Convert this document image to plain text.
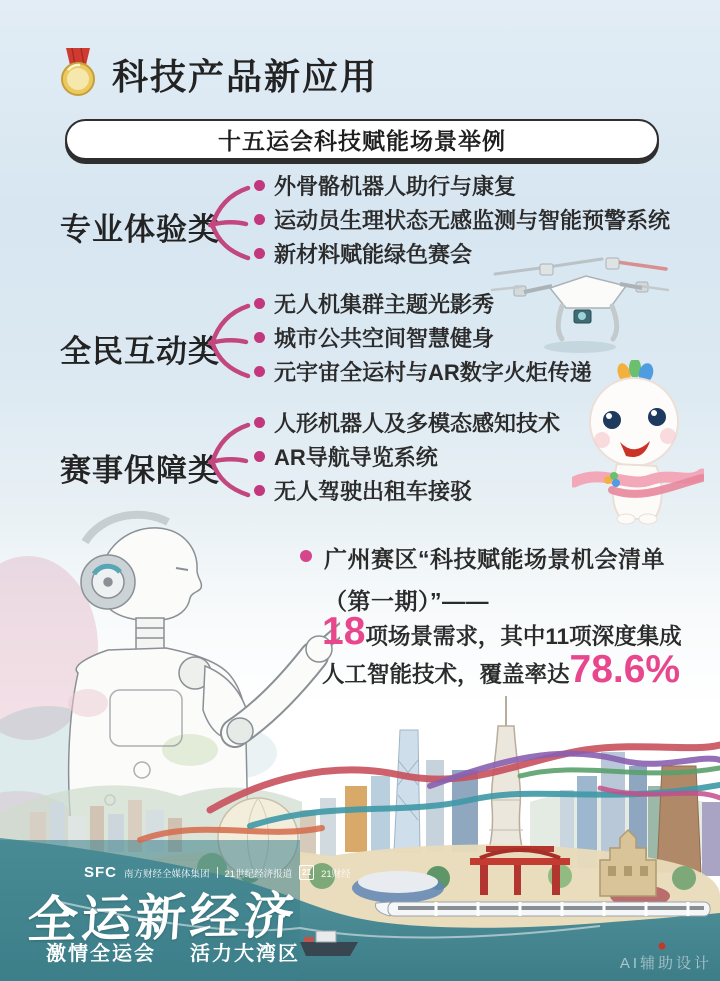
科技产品新应用
十五运会科技赋能场景举例
专业体验类
外骨骼机器人助行与康复
运动员生理状态无感监测与智能预警系统
新材料赋能绿色赛会
全民互动类
无人机集群主题光影秀
城市公共空间智慧健身
元宇宙全运村与AR数字火炬传递
赛事保障类
人形机器人及多模态感知技术
AR导航导览系统
无人驾驶出租车接驳
广州赛区“科技赋能场景机会清单
（第一期）”——
18 项场景需求，其中11项深度集成
人工智能技术，覆盖率达 78.6%
SFC 南方财经全媒体集团 21世纪经济报道	21	21财经
全运新经济
激情全运会 活力大湾区	AI辅助设计
